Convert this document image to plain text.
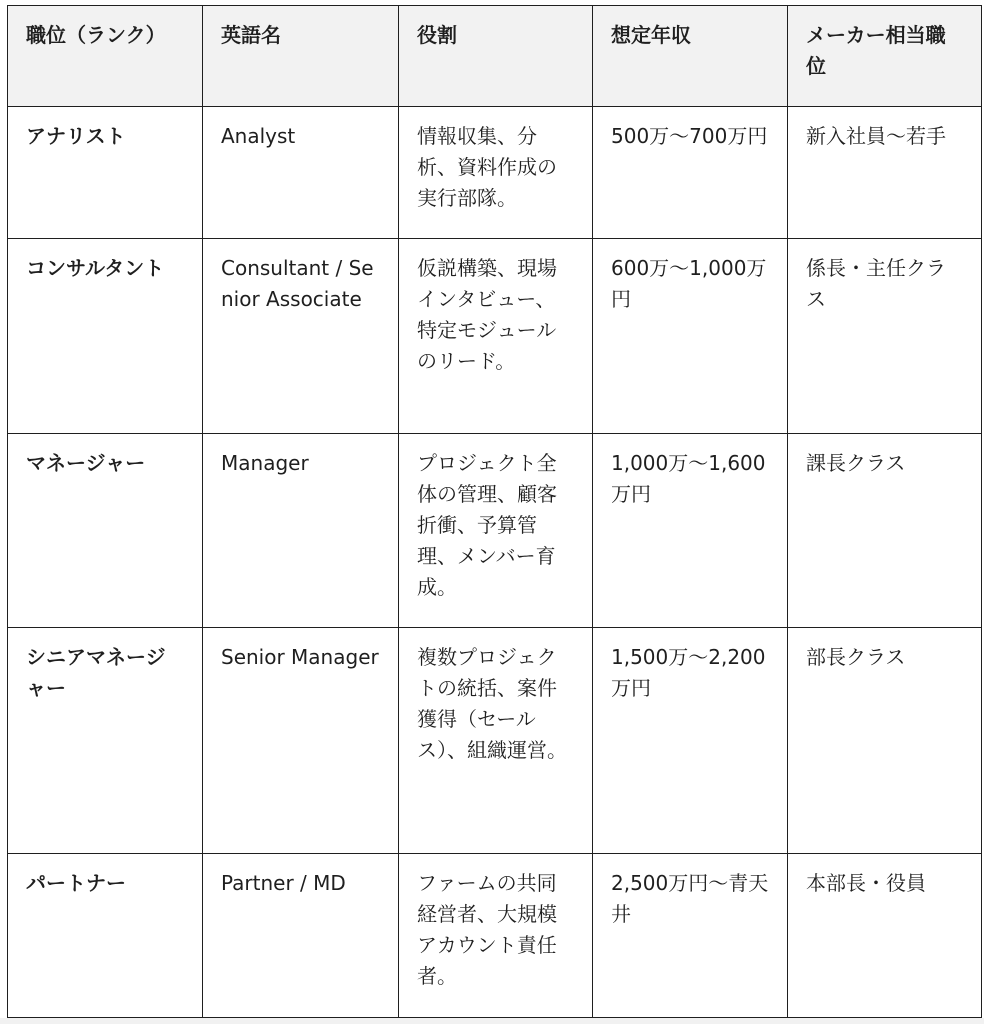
職位（ランク）	英語名	役割	想定年収	メーカー相当職位
アナリスト	Analyst	情報収集、分析、資料作成の実行部隊。	500万〜700万円	新入社員〜若手
コンサルタント	Consultant / Senior Associate	仮説構築、現場インタビュー、特定モジュールのリード。	600万〜1,000万円	係長・主任クラス
マネージャー	Manager	プロジェクト全体の管理、顧客折衝、予算管理、メンバー育成。	1,000万〜1,600万円	課長クラス
シニアマネージャー	Senior Manager	複数プロジェクトの統括、案件獲得（セールス）、組織運営。	1,500万〜2,200万円	部長クラス
パートナー	Partner / MD	ファームの共同経営者、大規模アカウント責任者。	2,500万円〜青天井	本部長・役員
